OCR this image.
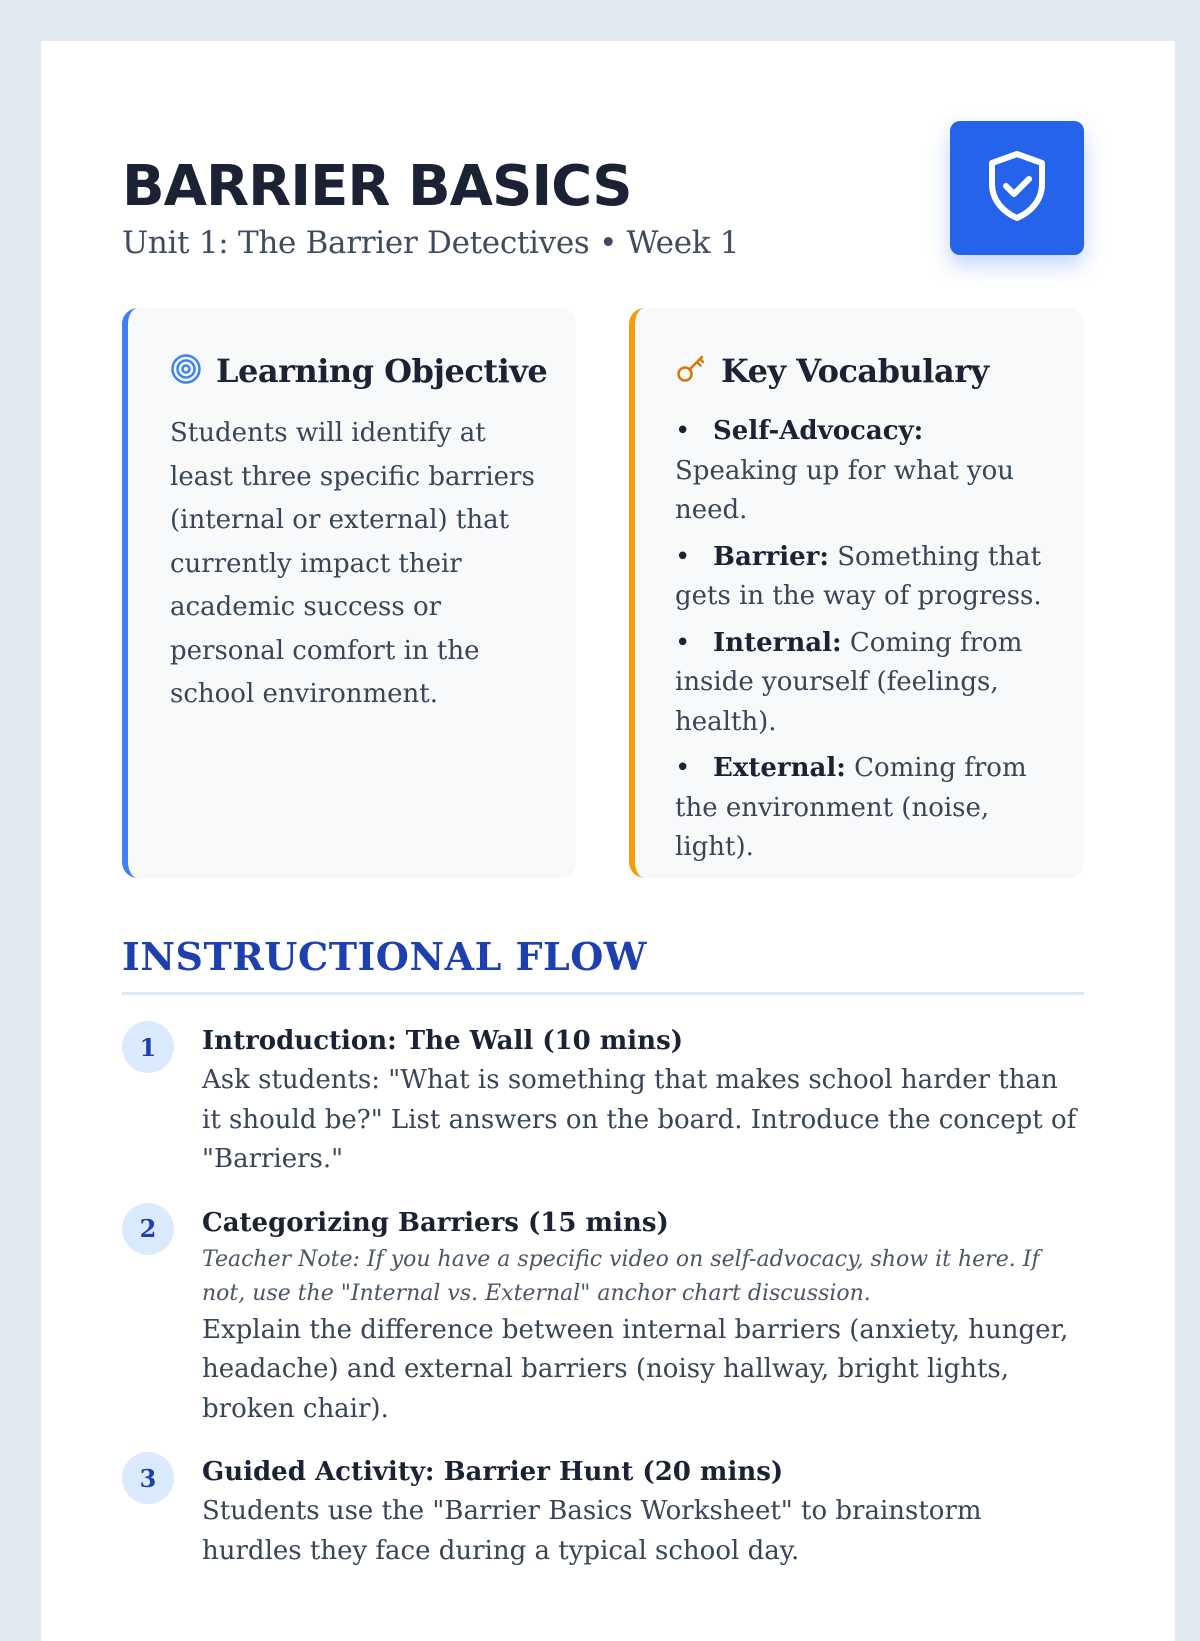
BARRIER BASICS

Unit 1: The Barrier Detectives • Week 1

Learning Objective

Students will identify at least three specific barriers (internal or external) that currently impact their academic success or personal comfort in the school environment.

Key Vocabulary
• Self-Advocacy: Speaking up for what you need.
• Barrier: Something that gets in the way of progress.
• Internal: Coming from inside yourself (feelings, health).
• External: Coming from the environment (noise, light).
INSTRUCTIONAL FLOW
1	Introduction: The Wall (10 mins)

Ask students: "What is something that makes school harder than it should be?" List answers on the board. Introduce the concept of "Barriers."

2	Categorizing Barriers (15 mins)

Teacher Note: If you have a specific video on self-advocacy, show it here. If not, use the "Internal vs. External" anchor chart discussion.

Explain the difference between internal barriers (anxiety, hunger, headache) and external barriers (noisy hallway, bright lights, broken chair).

3	Guided Activity: Barrier Hunt (20 mins)

Students use the "Barrier Basics Worksheet" to brainstorm hurdles they face during a typical school day.
